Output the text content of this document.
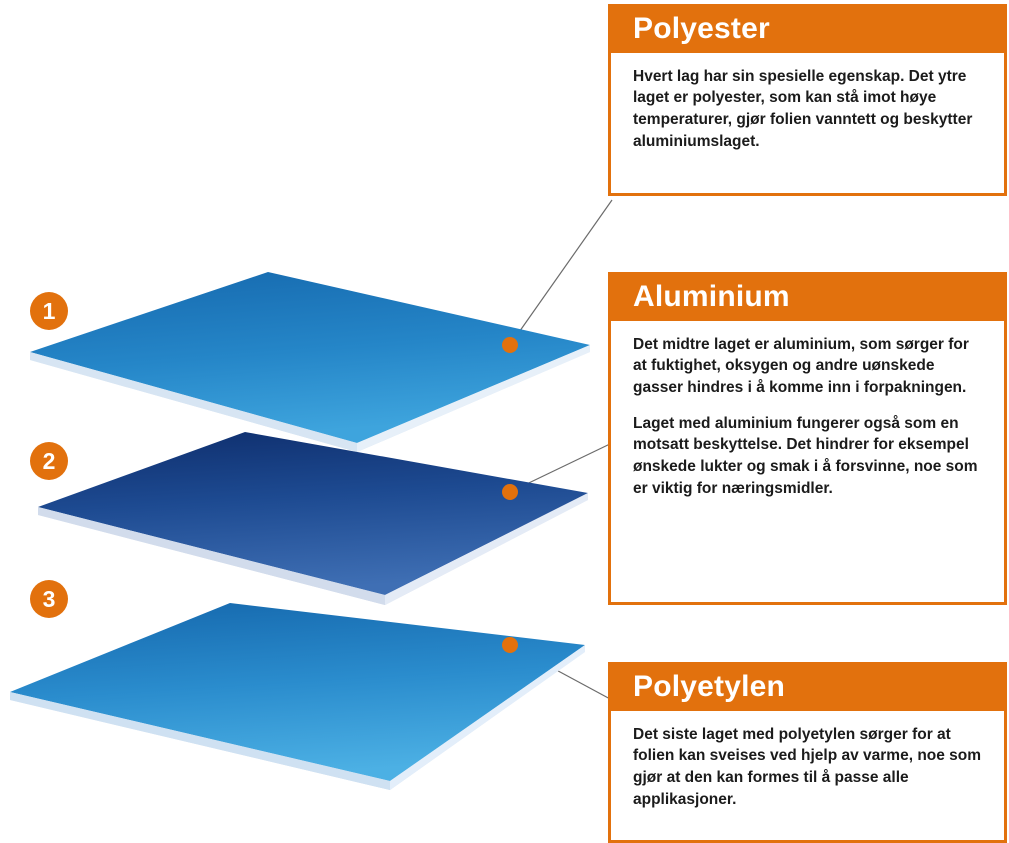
1
2
3
Polyester

Hvert lag har sin spesielle egenskap. Det ytre laget er polyester, som kan stå imot høye temperaturer, gjør folien vanntett og beskytter aluminiumslaget.

Aluminium

Det midtre laget er aluminium, som sørger for at fuktighet, oksygen og andre uønskede gasser hindres i å komme inn i forpakningen.

Laget med aluminium fungerer også som en motsatt beskyttelse. Det hindrer for eksempel ønskede lukter og smak i å forsvinne, noe som er viktig for næringsmidler.

Polyetylen

Det siste laget med polyetylen sørger for at folien kan sveises ved hjelp av varme, noe som gjør at den kan formes til å passe alle applikasjoner.
